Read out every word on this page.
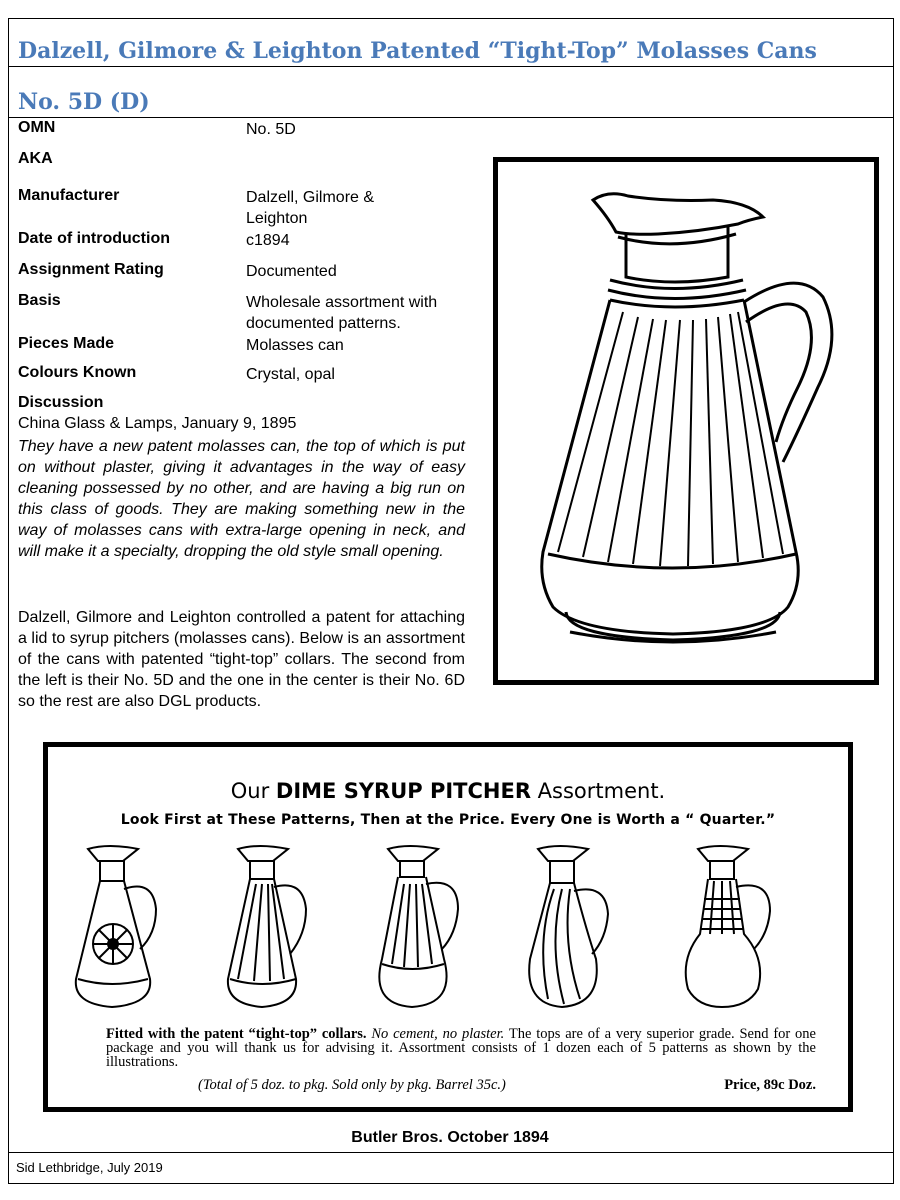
Dalzell, Gilmore & Leighton Patented “Tight-Top” Molasses Cans
No. 5D (D)
OMN	No. 5D
AKA
Manufacturer	Dalzell, Gilmore & Leighton
Date of introduction	c1894
Assignment Rating	Documented
Basis	Wholesale assortment with documented patterns.
Pieces Made	Molasses can
Colours Known	Crystal, opal
Discussion
China Glass & Lamps, January 9, 1895
They have a new patent molasses can, the top of which is put on without plaster, giving it advantages in the way of easy cleaning possessed by no other, and are having a big run on this class of goods. They are making something new in the way of molasses cans with extra-large opening in neck, and will make it a specialty, dropping the old style small opening.
Dalzell, Gilmore and Leighton controlled a patent for attaching a lid to syrup pitchers (molasses cans). Below is an assortment of the cans with patented “tight-top” collars. The second from the left is their No. 5D and the one in the center is their No. 6D so the rest are also DGL products.
Our DIME SYRUP PITCHER Assortment.
Look First at These Patterns, Then at the Price. Every One is Worth a “ Quarter.”
Fitted with the patent “tight-top” collars. No cement, no plaster. The tops are of a very superior grade. Send for one package and you will thank us for advising it. Assortment consists of 1 dozen each of 5 patterns as shown by the illustrations.
(Total of 5 doz. to pkg. Sold only by pkg. Barrel 35c.)	Price, 89c Doz.
Butler Bros. October 1894
Sid Lethbridge, July 2019
